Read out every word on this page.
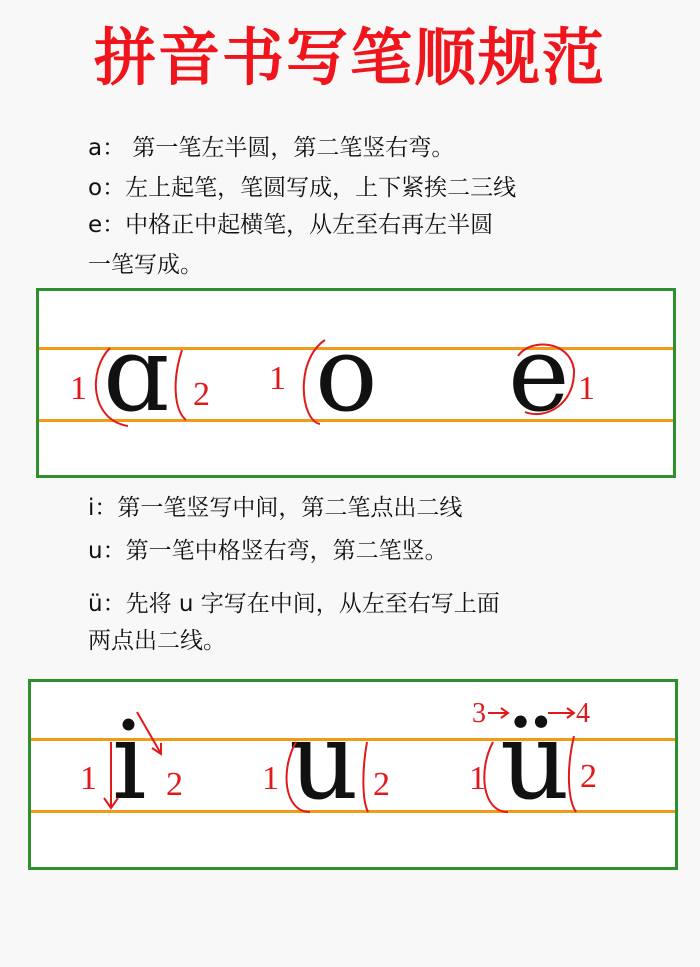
拼音书写笔顺规范
a： 第一笔左半圆，第二笔竖右弯。
o：左上起笔，笔圆写成，上下紧挨二三线
e：中格正中起横笔，从左至右再左半圆
一笔写成。
ɑ o e
1	2 1	1
i：第一笔竖写中间，第二笔点出二线
u：第一笔中格竖右弯，第二笔竖。
ü：先将 u 字写在中间，从左至右写上面
两点出二线。
i u ü
1 2 1	2 1	2
3	4
